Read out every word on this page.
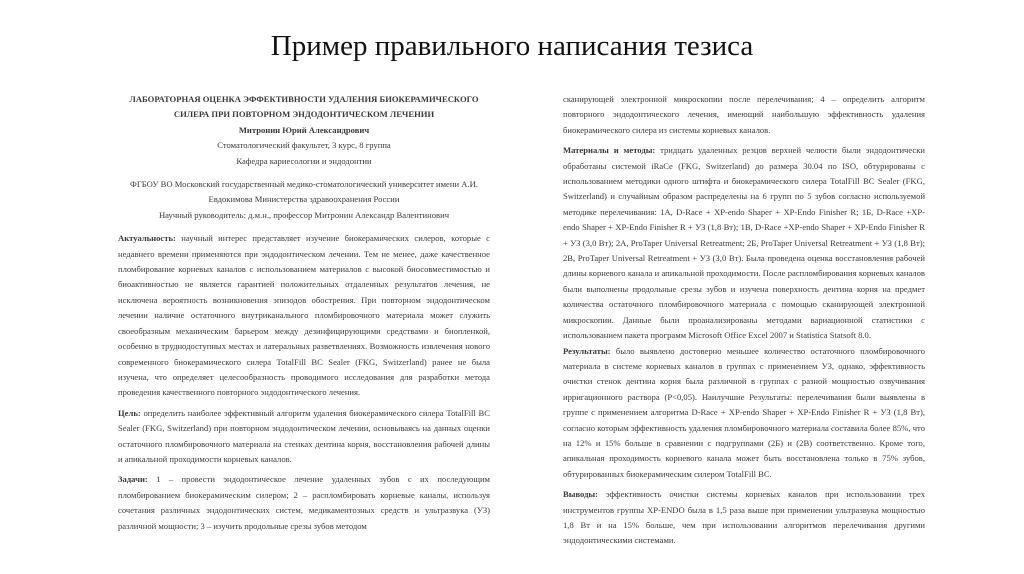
Пример правильного написания тезиса

ЛАБОРАТОРНАЯ ОЦЕНКА ЭФФЕКТИВНОСТИ УДАЛЕНИЯ БИОКЕРАМИЧЕСКОГО СИЛЕРА ПРИ ПОВТОРНОМ ЭНДОДОНТИЧЕСКОМ ЛЕЧЕНИИ

Митронин Юрий Александрович

Стоматологический факультет, 3 курс, 8 группа

Кафедра кариесологии и эндодонтии

ФГБОУ ВО Московский государственный медико-стоматологический университет имени А.И. Евдокимова Министерства здравоохранения России

Научный руководитель: д.м.н., профессор Митронин Александр Валентинович

Актуальность: научный интерес представляет изучение биокерамических силеров, которые с недавнего времени применяются при эндодонтическом лечении. Тем не менее, даже качественное пломбирование корневых каналов с использованием материалов с высокой биосовместимостью и биоактивностью не является гарантией положительных отдаленных результатов лечения, не исключена вероятность возникновения эпизодов обострения. При повторном эндодонтическом лечении наличие остаточного внутриканального пломбировочного материала может служить своеобразным механическим барьером между дезинфицирующими средствами и биопленкой, особенно в труднодоступных местах и латеральных разветвлениях. Возможность извлечения нового современного биокерамического силера TotalFill BC Sealer (FKG, Switzerland) ранее не была изучена, что определяет целесообразность проводимого исследования для разработки метода проведения качественного повторного эндодонтического лечения.

Цель: определить наиболее эффективный алгоритм удаления биокерамического силера TotalFill BC Sealer (FKG, Switzerland) при повторном эндодонтическом лечении, основываясь на данных оценки остаточного пломбировочного материала на стенках дентина корня, восстановления рабочей длины и апикальной проходимости корневых каналов.

Задачи: 1 – провести эндодонтическое лечение удаленных зубов с их последующим пломбированием биокерамическим силером; 2 – распломбировать корневые каналы, используя сочетания различных эндодонтических систем, медикаментозных средств и ультразвука (УЗ) различной мощности; 3 – изучить продольные срезы зубов методом

сканирующей электронной микроскопии после перелечивания; 4 – определить алгоритм повторного эндодонтического лечения, имеющий наибольшую эффективность удаления биокерамического силера из системы корневых каналов.

Материалы и методы: тридцать удаленных резцов верхней челюсти были эндодонтически обработаны системой iRaCe (FKG, Switzerland) до размера 30.04 по ISO, обтурированы с использованием методики одного штифта и биокерамического силера TotalFill BC Sealer (FKG, Switzerland) и случайным образом распределены на 6 групп по 5 зубов согласно используемой методике перелечивания: 1А, D-Race + XP-endo Shaper + XP-Endo Finisher R; 1Б, D-Race +XP-endo Shaper + XP-Endo Finisher R + УЗ (1,8 Вт); 1В, D-Race +XP-endo Shaper + XP-Endo Finisher R + УЗ (3,0 Вт); 2А, ProTaper Universal Retreatment; 2Б, ProTaper Universal Retreatment + УЗ (1,8 Вт); 2В, ProTaper Universal Retreatment + УЗ (3,0 Вт). Была проведена оценка восстановления рабочей длины корневого канала и апикальной проходимости. После распломбирования корневых каналов были выполнены продольные срезы зубов и изучена поверхность дентина корня на предмет количества остаточного пломбировочного материала с помощью сканирующей электронной микроскопии. Данные были проанализированы методами вариационной статистики с использованием пакета программ Microsoft Office Excel 2007 и Statistica Statsoft 8.0.

Результаты: было выявлено достоверно меньшее количество остаточного пломбировочного материала в системе корневых каналов в группах с применением УЗ, однако, эффективность очистки стенок дентина корня была различной в группах с разной мощностью озвучивания ирригационного раствора (P<0,05). Наилучшие Результаты: перелечивания были выявлены в группе с применением алгоритма D-Race + XP-endo Shaper + XP-Endo Finisher R + УЗ (1,8 Вт), согласно которым эффективность удаления пломбировочного материала составила более 85%, что на 12% и 15% больше в сравнении с подгруппами (2Б) и (2В) соответственно. Кроме того, апикальная проходимость корневого канала может быть восстановлена только в 75% зубов, обтурированных биокерамическим силером TotalFill BC.

Выводы: эффективность очистки системы корневых каналов при использовании трех инструментов группы XP-ENDO была в 1,5 раза выше при применении ультразвука мощностью 1,8 Вт и на 15% больше, чем при использовании алгоритмов перелечивания другими эндодонтическими системами.
